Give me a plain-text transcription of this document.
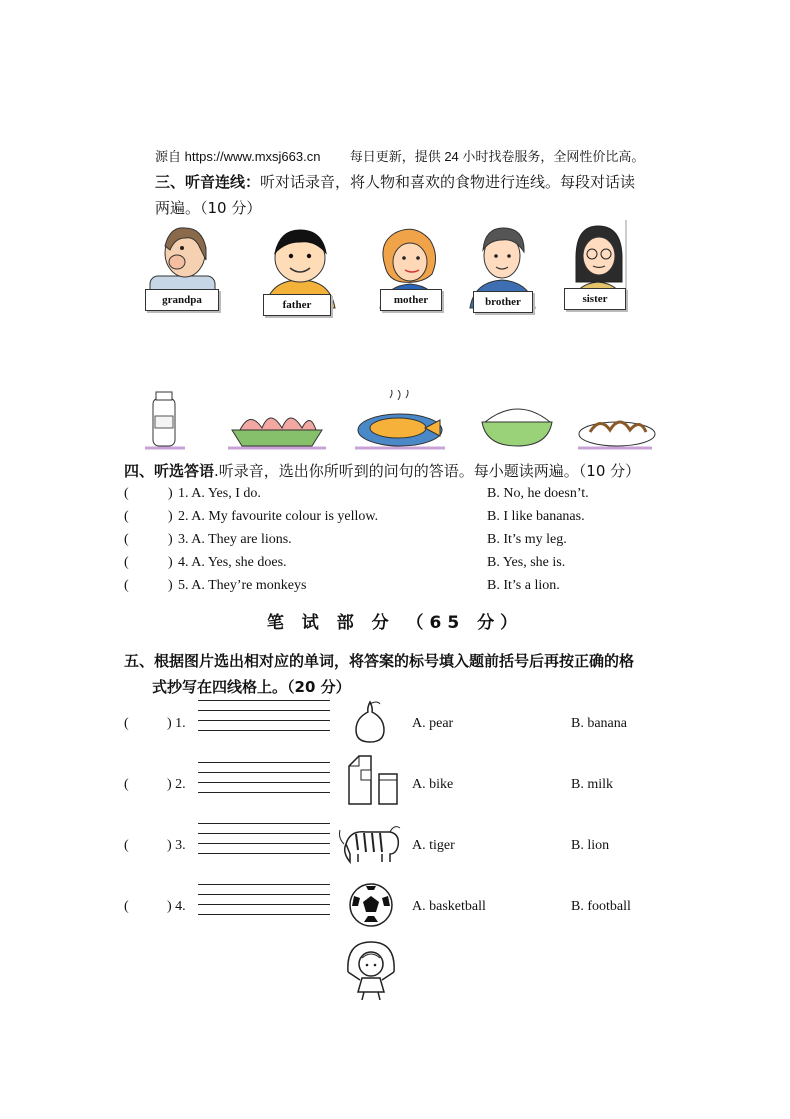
源自 https://www.mxsj663.cn 每日更新，提供 24 小时找卷服务，全网性价比高。
三、听音连线：听对话录音，将人物和喜欢的食物进行连线。每段对话读
两遍。（10 分）
grandpa	father	mother	brother	sister
四、听选答语.听录音，选出你所听到的问句的答语。每小题读两遍。（10 分）
(	) 1. A. Yes, I do.	B. No, he doesn’t.
(	) 2. A. My favourite colour is yellow.	B. I like bananas.
(	) 3. A. They are lions.	B. It’s my leg.
(	) 4. A. Yes, she does.	B. Yes, she is.
(	) 5. A. They’re monkeys	B. It’s a lion.
笔 试 部 分 （65 分）
五、根据图片选出相对应的单词，将答案的标号填入题前括号后再按正确的格
式抄写在四线格上。（20 分）
(	) 1.	A. pear	B. banana
(	) 2.	A. bike	B. milk
(	) 3.	A. tiger	B. lion
(	) 4.	A. basketball	B. football
